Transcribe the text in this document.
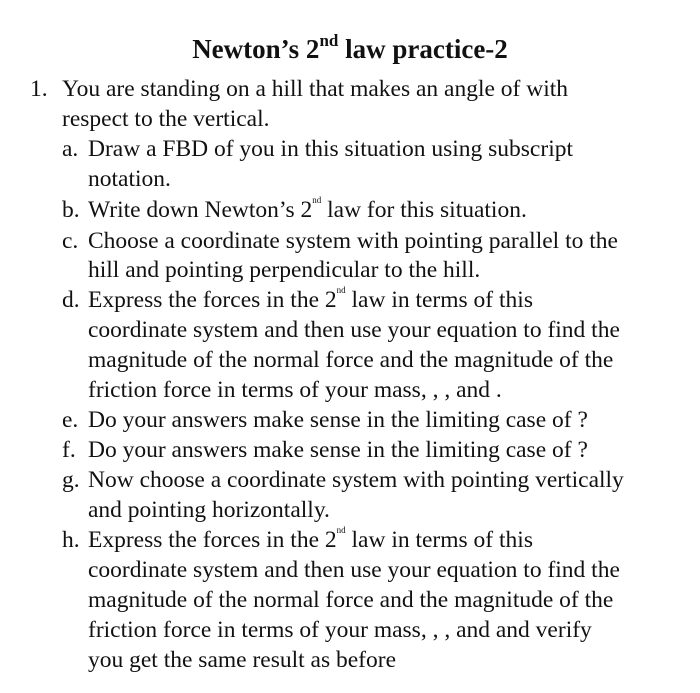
Newton’s 2nd law practice-2
1. You are standing on a hill that makes an angle of with
respect to the vertical.
a. Draw a FBD of you in this situation using subscript
notation.
b. Write down Newton’s 2nd law for this situation.
c. Choose a coordinate system with pointing parallel to the
hill and pointing perpendicular to the hill.
d. Express the forces in the 2nd law in terms of this
coordinate system and then use your equation to find the
magnitude of the normal force and the magnitude of the
friction force in terms of your mass, , , and .
e. Do your answers make sense in the limiting case of ?
f. Do your answers make sense in the limiting case of ?
g. Now choose a coordinate system with pointing vertically
and pointing horizontally.
h. Express the forces in the 2nd law in terms of this
coordinate system and then use your equation to find the
magnitude of the normal force and the magnitude of the
friction force in terms of your mass, , , and and verify
you get the same result as before
